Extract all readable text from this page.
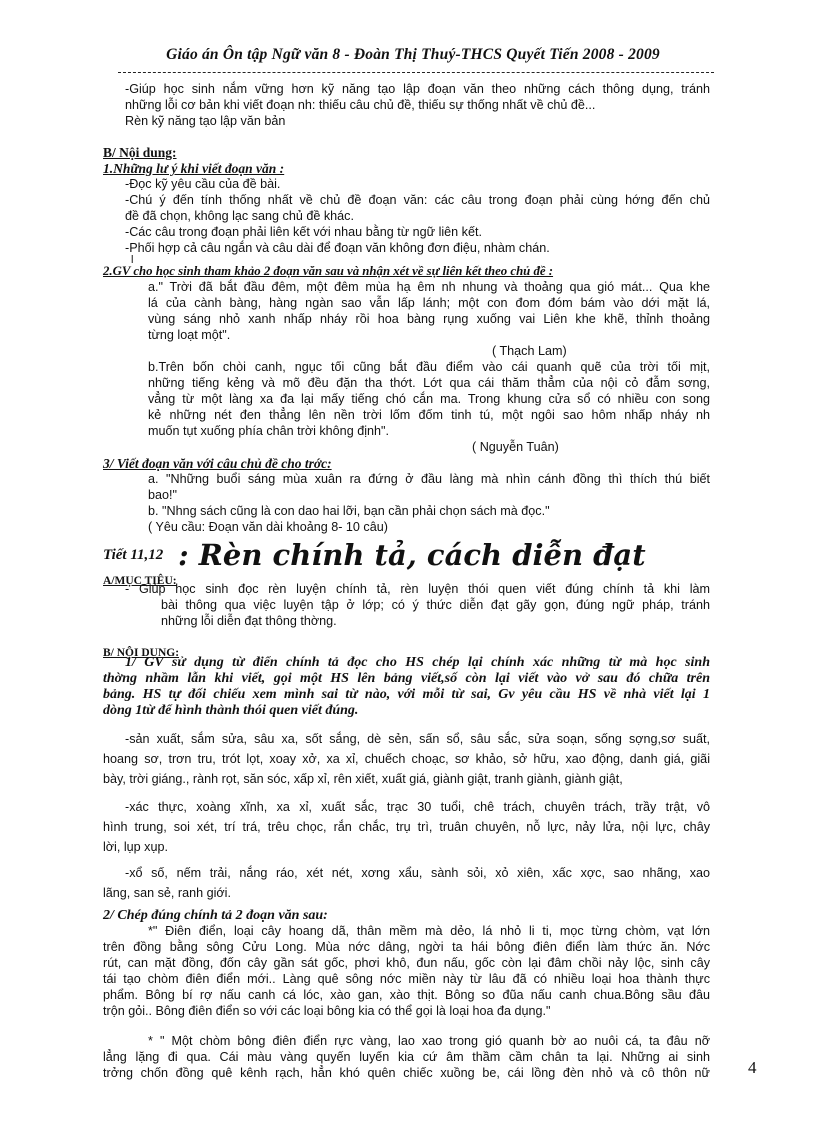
Giáo án Ôn tập Ngữ văn 8 - Đoàn Thị Thuý-THCS Quyết Tiến 2008 - 2009
-Giúp học sinh nắm vững hơn kỹ năng tạo lập đoạn văn theo những cách thông dụng, tránh
những lỗi cơ bản khi viết đoạn nh: thiếu câu chủ đề, thiếu sự thống nhất về chủ đề...
Rèn kỹ năng tạo lập văn bản
B/ Nội dung:
1.Những lư ý khi viết đoạn văn :
-Đọc kỹ yêu cầu của đề bài.
-Chú ý đến tính thống nhất về chủ đề đoạn văn: các câu trong đoạn phải cùng hớng đến chủ
đề đã chọn, không lạc sang chủ đề khác.
-Các câu trong đoạn phải liên kết với nhau bằng từ ngữ liên kết.
-Phối hợp cả câu ngắn và câu dài để đoạn văn không đơn điệu, nhàm chán.
l
2.GV cho học sinh tham khảo 2 đoạn văn sau và nhận xét về sự liên kết theo chủ đề :
a." Trời đã bắt đầu đêm, một đêm mùa hạ êm nh nhung và thoảng qua gió mát... Qua khe
lá của cành bàng, hàng ngàn sao vẫn lấp lánh; một con đom đóm bám vào dới mặt lá,
vùng sáng nhỏ xanh nhấp nháy rồi hoa bàng rụng xuống vai Liên khe khẽ, thỉnh thoảng
từng loạt một".
( Thạch Lam)
b.Trên bốn chòi canh, ngục tối cũng bắt đầu điểm vào cái quanh quẽ của trời tối mịt,
những tiếng kẻng và mõ đều đặn tha thớt. Lớt qua cái thăm thẳm của nội cỏ đẫm sơng,
vẳng từ một làng xa đa lại mấy tiếng chó cắn ma. Trong khung cửa sổ có nhiều con song
kẻ những nét đen thẳng lên nền trời lốm đốm tinh tú, một ngôi sao hôm nhấp nháy nh
muốn tụt xuống phía chân trời không định".
( Nguyễn Tuân)
3/ Viết đoạn văn với câu chủ đề cho trớc:
a. "Những buổi sáng mùa xuân ra đứng ở đầu làng mà nhìn cánh đồng thì thích thú biết
bao!"
b. "Nhng sách cũng là con dao hai lỡi, bạn cần phải chọn sách mà đọc."
( Yêu cầu: Đoạn văn dài khoảng 8- 10 câu)
Tiết 11,12 : Rèn chính tả, cách diễn đạt
A/MỤC TIÊU:
- Giúp học sinh đọc rèn luyện chính tả, rèn luyện thói quen viết đúng chính tả khi làm
bài thông qua việc luyện tập ở lớp; có ý thức diễn đạt gãy gọn, đúng ngữ pháp, tránh
những lỗi diễn đạt thông thờng.
B/ NỘI DUNG:
1/ GV sử dụng từ điển chính tả đọc cho HS chép lại chính xác những từ mà học sinh
thờng nhầm lẫn khi viết, gọi một HS lên bảng viết,số còn lại viết vào vở sau đó chữa trên
bảng. HS tự đối chiếu xem mình sai từ nào, với mỗi từ sai, Gv yêu cầu HS về nhà viết lại 1
dòng 1từ để hình thành thói quen viết đúng.
-sản xuất, sắm sửa, sâu xa, sốt sắng, dè sẻn, sấn sổ, sâu sắc, sửa soạn, sống sợng,sơ suất,
hoang sơ, trơn tru, trót lọt, xoay xở, xa xỉ, chuếch choạc, sơ khảo, sở hữu, xao động, danh giá, giãi
bày, trời giáng., rành rọt, săn sóc, xấp xỉ, rên xiết, xuất giá, giành giật, tranh giành, giành giật,
-xác thực, xoàng xĩnh, xa xỉ, xuất sắc, trạc 30 tuổi, chê trách, chuyên trách, trầy trật, vô
hình trung, soi xét, trí trá, trêu chọc, rắn chắc, trụ trì, truân chuyên, nỗ lực, nảy lửa, nội lực, chây
lời, lụp xụp.
-xổ số, nếm trải, nắng ráo, xét nét, xơng xẩu, sành sỏi, xỏ xiên, xấc xợc, sao nhãng, xao
lãng, san sẻ, ranh giới.
2/ Chép đúng chính tả 2 đoạn văn sau:
*" Điên điển, loại cây hoang dã, thân mềm mà dẻo, lá nhỏ li ti, mọc từng chòm, vạt lớn
trên đồng bằng sông Cửu Long. Mùa nớc dâng, ngời ta hái bông điên điển làm thức ăn. Nớc
rút, can mặt đồng, đốn cây gần sát gốc, phơi khô, đun nấu, gốc còn lại đâm chồi nảy lộc, sinh cây
tái tạo chòm điên điển mới.. Làng quê sông nớc miền này từ lâu đã có nhiều loại hoa thành thực
phẩm. Bông bí rợ nấu canh cá lóc, xào gan, xào thịt. Bông so đũa nấu canh chua.Bông sầu đâu
trộn gỏi.. Bông điên điển so với các loại bông kia có thể gọi là loại hoa đa dụng."
* " Một chòm bông điên điển rực vàng, lao xao trong gió quanh bờ ao nuôi cá, ta đâu nỡ
lẳng lặng đi qua. Cái màu vàng quyến luyến kia cứ âm thầm cầm chân ta lại. Những ai sinh
trởng chốn đồng quê kênh rạch, hẳn khó quên chiếc xuồng be, cái lồng đèn nhỏ và cô thôn nữ 4
